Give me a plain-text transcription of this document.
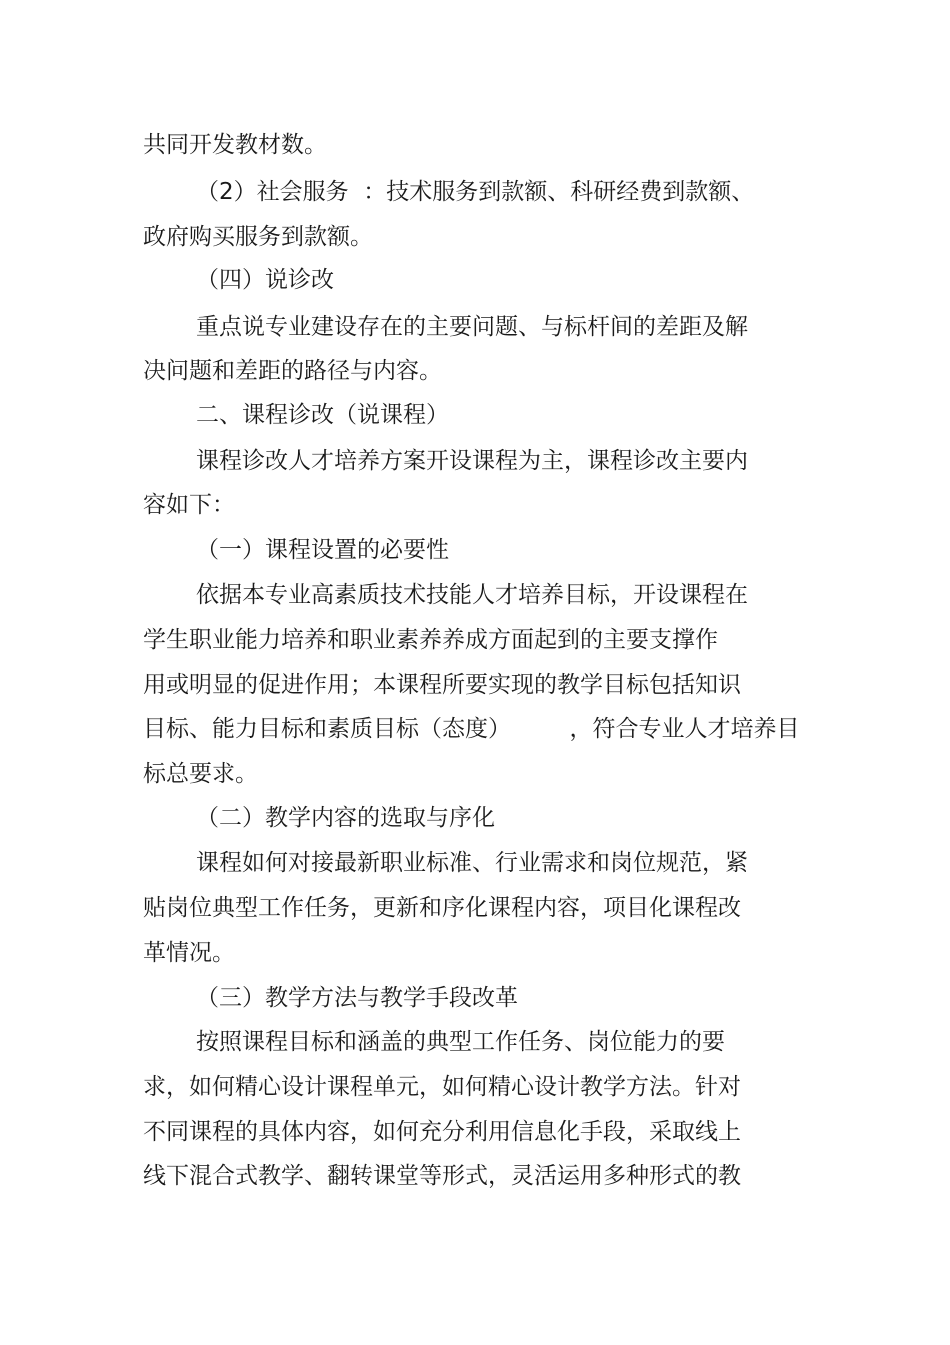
共同开发教材数。
（2）社会服务  ：技术服务到款额、科研经费到款额、
政府购买服务到款额。
（四）说诊改
重点说专业建设存在的主要问题、与标杆间的差距及解
决问题和差距的路径与内容。
二、课程诊改（说课程）
课程诊改人才培养方案开设课程为主，课程诊改主要内
容如下：
（一）课程设置的必要性
依据本专业高素质技术技能人才培养目标，开设课程在
学生职业能力培养和职业素养养成方面起到的主要支撑作
用或明显的促进作用；本课程所要实现的教学目标包括知识
目标、能力目标和素质目标（态度）        ，符合专业人才培养目
标总要求。
（二）教学内容的选取与序化
课程如何对接最新职业标准、行业需求和岗位规范，紧
贴岗位典型工作任务，更新和序化课程内容，项目化课程改
革情况。
（三）教学方法与教学手段改革
按照课程目标和涵盖的典型工作任务、岗位能力的要
求，如何精心设计课程单元，如何精心设计教学方法。针对
不同课程的具体内容，如何充分利用信息化手段，采取线上
线下混合式教学、翻转课堂等形式，灵活运用多种形式的教
